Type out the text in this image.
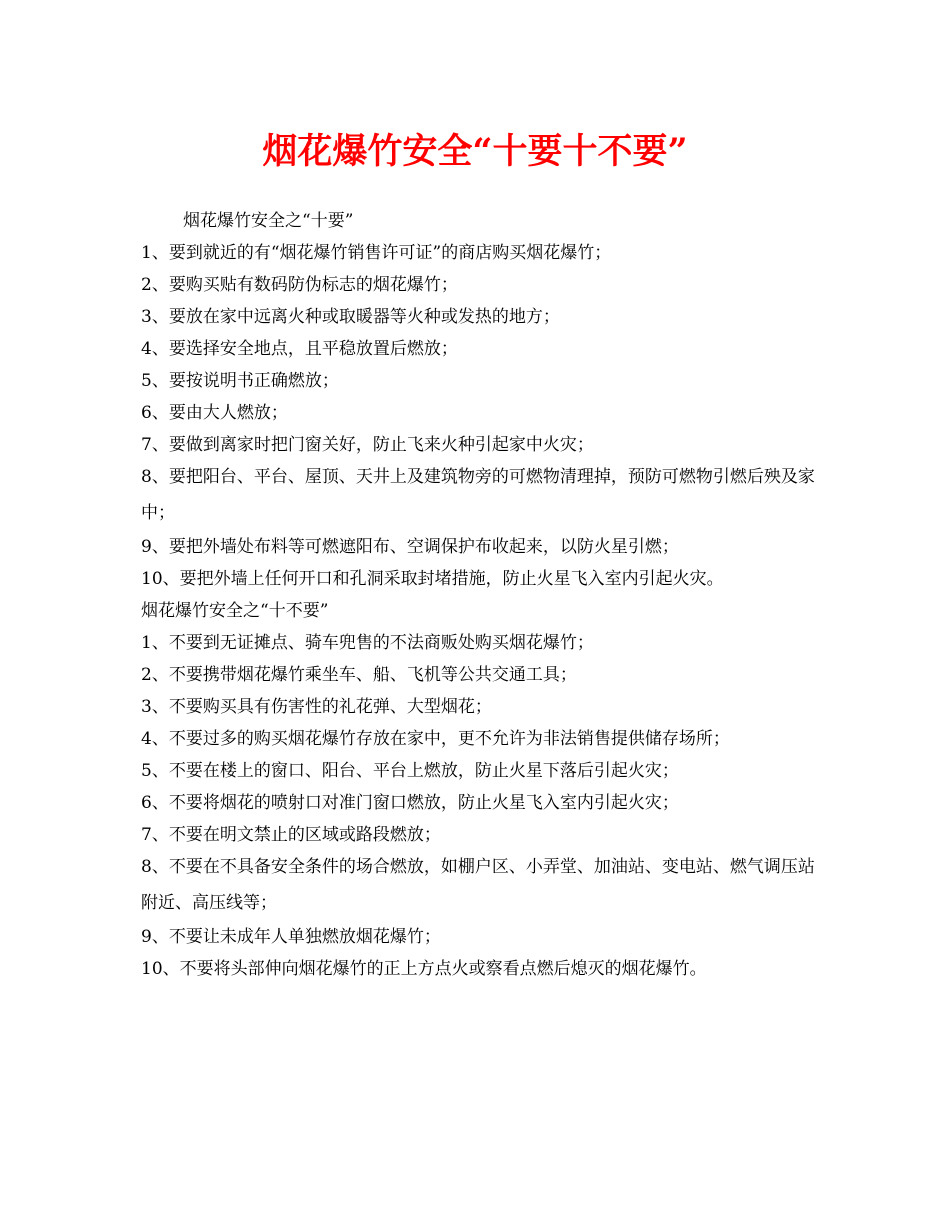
烟花爆竹安全“十要十不要”

烟花爆竹安全之“十要”

1、要到就近的有“烟花爆竹销售许可证”的商店购买烟花爆竹；

2、要购买贴有数码防伪标志的烟花爆竹；

3、要放在家中远离火种或取暖器等火种或发热的地方；

4、要选择安全地点，且平稳放置后燃放；

5、要按说明书正确燃放；

6、要由大人燃放；

7、要做到离家时把门窗关好，防止飞来火种引起家中火灾；

8、要把阳台、平台、屋顶、天井上及建筑物旁的可燃物清理掉，预防可燃物引燃后殃及家中；

9、要把外墙处布料等可燃遮阳布、空调保护布收起来，以防火星引燃；

10、要把外墙上任何开口和孔洞采取封堵措施，防止火星飞入室内引起火灾。

烟花爆竹安全之“十不要”

1、不要到无证摊点、骑车兜售的不法商贩处购买烟花爆竹；

2、不要携带烟花爆竹乘坐车、船、飞机等公共交通工具；

3、不要购买具有伤害性的礼花弹、大型烟花；

4、不要过多的购买烟花爆竹存放在家中，更不允许为非法销售提供储存场所；

5、不要在楼上的窗口、阳台、平台上燃放，防止火星下落后引起火灾；

6、不要将烟花的喷射口对准门窗口燃放，防止火星飞入室内引起火灾；

7、不要在明文禁止的区域或路段燃放；

8、不要在不具备安全条件的场合燃放，如棚户区、小弄堂、加油站、变电站、燃气调压站附近、高压线等；

9、不要让未成年人单独燃放烟花爆竹；

10、不要将头部伸向烟花爆竹的正上方点火或察看点燃后熄灭的烟花爆竹。
